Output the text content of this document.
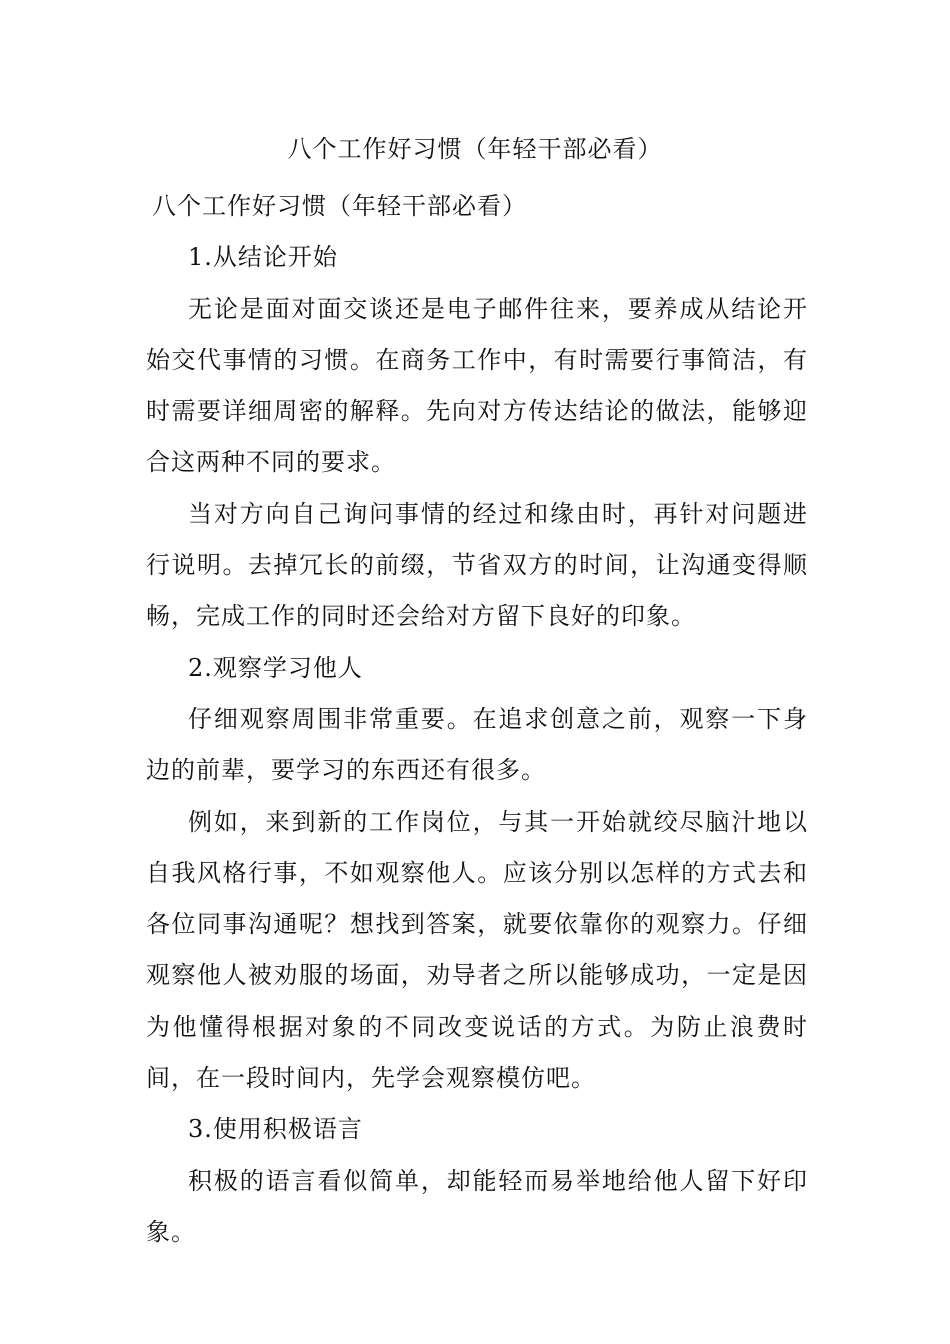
八个工作好习惯（年轻干部必看）

八个工作好习惯（年轻干部必看）

1.从结论开始

无论是面对面交谈还是电子邮件往来，要养成从结论开始交代事情的习惯。在商务工作中，有时需要行事简洁，有时需要详细周密的解释。先向对方传达结论的做法，能够迎合这两种不同的要求。

当对方向自己询问事情的经过和缘由时，再针对问题进行说明。去掉冗长的前缀，节省双方的时间，让沟通变得顺畅，完成工作的同时还会给对方留下良好的印象。

2.观察学习他人

仔细观察周围非常重要。在追求创意之前，观察一下身边的前辈，要学习的东西还有很多。

例如，来到新的工作岗位，与其一开始就绞尽脑汁地以自我风格行事，不如观察他人。应该分别以怎样的方式去和各位同事沟通呢？想找到答案，就要依靠你的观察力。仔细观察他人被劝服的场面，劝导者之所以能够成功，一定是因为他懂得根据对象的不同改变说话的方式。为防止浪费时间，在一段时间内，先学会观察模仿吧。

3.使用积极语言

积极的语言看似简单，却能轻而易举地给他人留下好印象。
